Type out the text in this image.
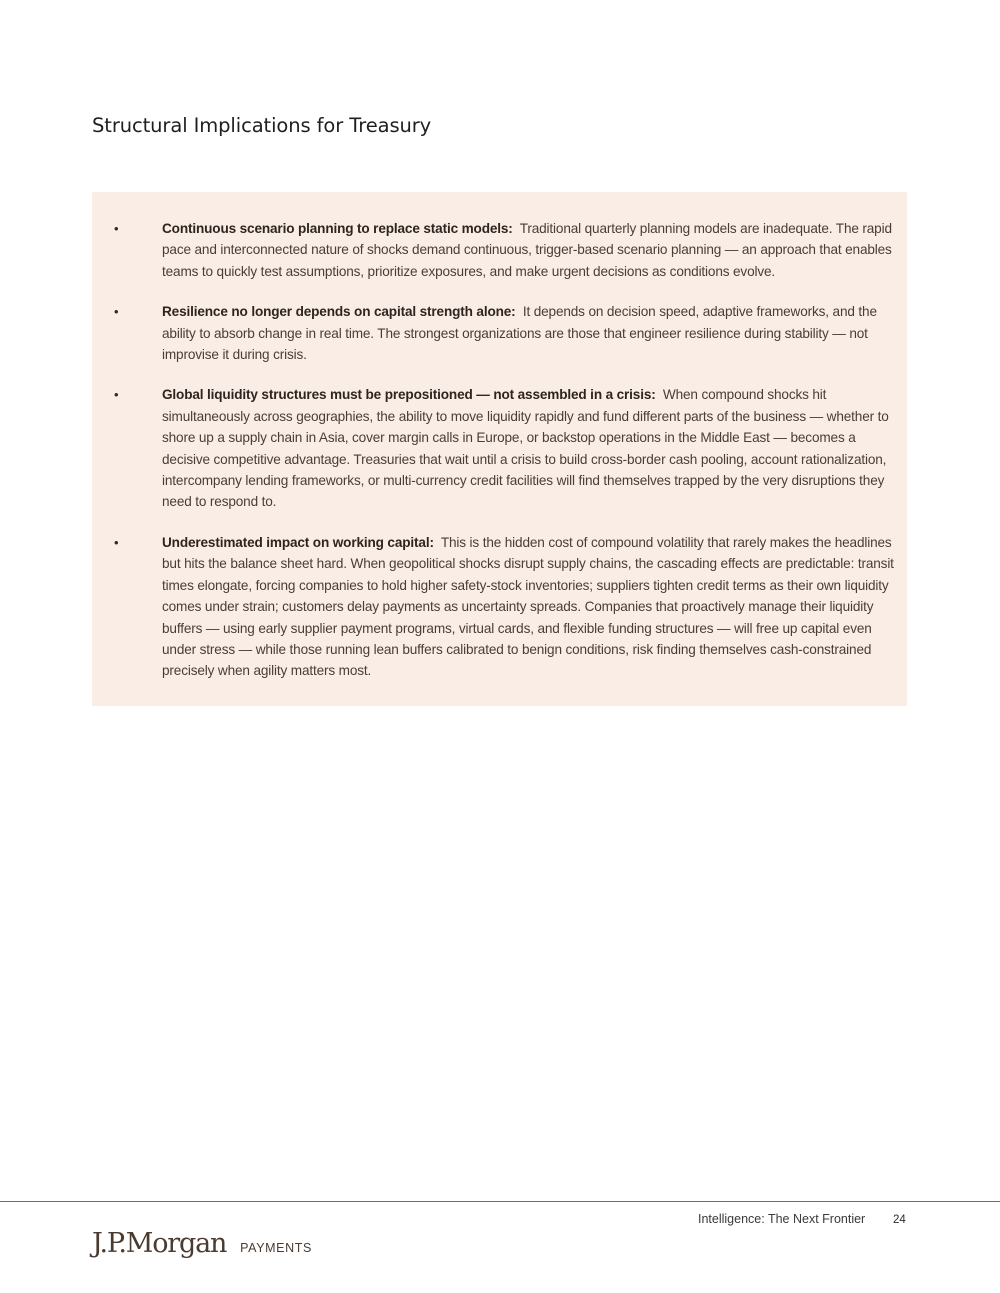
Structural Implications for Treasury
•	Continuous scenario planning to replace static models: Traditional quarterly planning models are inadequate. The rapid pace and interconnected nature of shocks demand continuous, trigger-based scenario planning — an approach that enables teams to quickly test assumptions, prioritize exposures, and make urgent decisions as conditions evolve.
•	Resilience no longer depends on capital strength alone: It depends on decision speed, adaptive frameworks, and the ability to absorb change in real time. The strongest organizations are those that engineer resilience during stability — not improvise it during crisis.
•	Global liquidity structures must be prepositioned — not assembled in a crisis: When compound shocks hit simultaneously across geographies, the ability to move liquidity rapidly and fund different parts of the business — whether to shore up a supply chain in Asia, cover margin calls in Europe, or backstop operations in the Middle East — becomes a decisive competitive advantage. Treasuries that wait until a crisis to build cross-border cash pooling, account rationalization, intercompany lending frameworks, or multi-currency credit facilities will find themselves trapped by the very disruptions they need to respond to.
•	Underestimated impact on working capital: This is the hidden cost of compound volatility that rarely makes the headlines but hits the balance sheet hard. When geopolitical shocks disrupt supply chains, the cascading effects are predictable: transit times elongate, forcing companies to hold higher safety-stock inventories; suppliers tighten credit terms as their own liquidity comes under strain; customers delay payments as uncertainty spreads. Companies that proactively manage their liquidity buffers — using early supplier payment programs, virtual cards, and flexible funding structures — will free up capital even under stress — while those running lean buffers calibrated to benign conditions, risk finding themselves cash-constrained precisely when agility matters most.
Intelligence: The Next Frontier 24
J.P.Morgan PAYMENTS
